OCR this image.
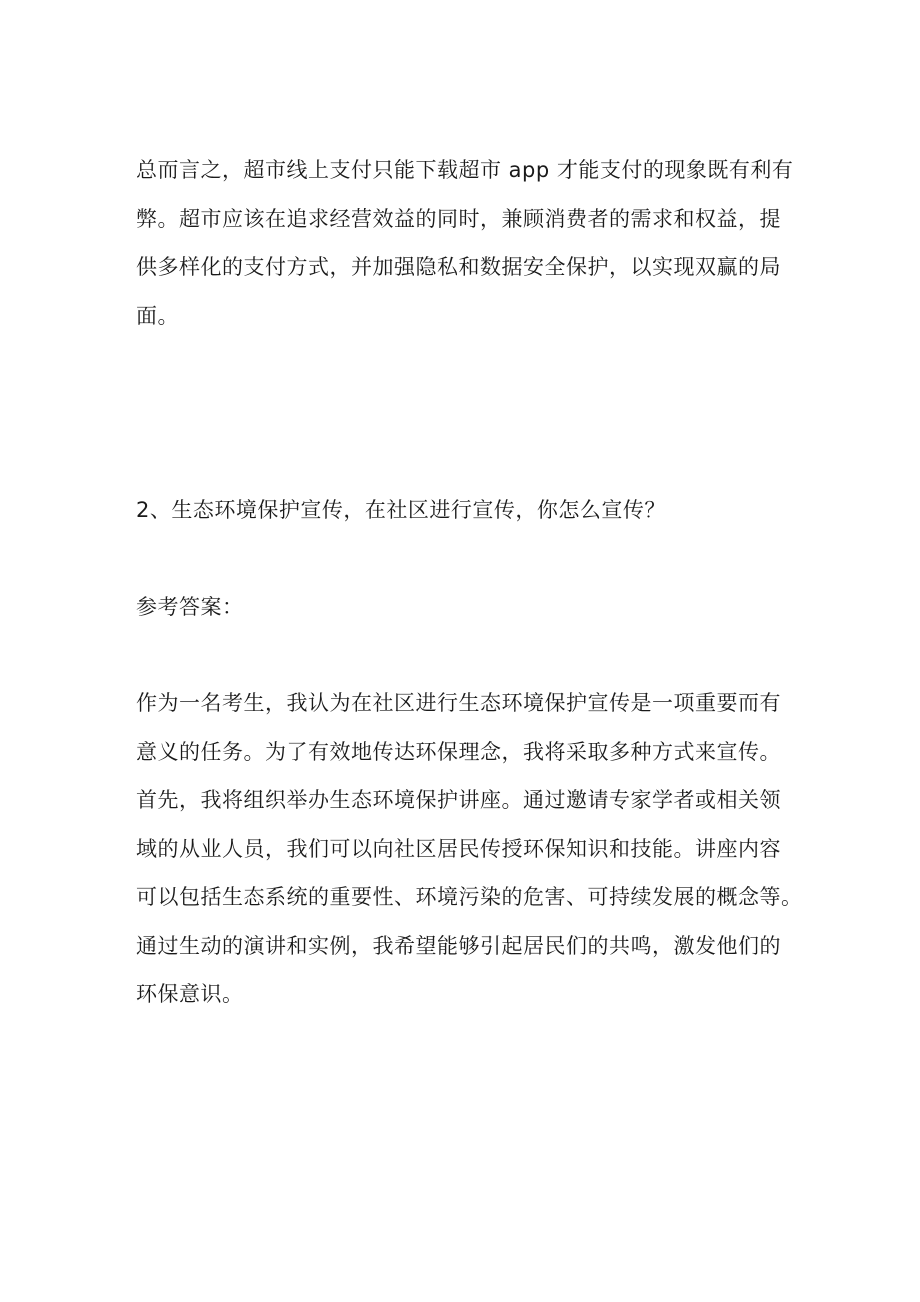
总而言之，超市线上支付只能下载超市 app 才能支付的现象既有利有
弊。超市应该在追求经营效益的同时，兼顾消费者的需求和权益，提
供多样化的支付方式，并加强隐私和数据安全保护，以实现双赢的局
面。

2、生态环境保护宣传，在社区进行宣传，你怎么宣传？

参考答案：

作为一名考生，我认为在社区进行生态环境保护宣传是一项重要而有
意义的任务。为了有效地传达环保理念，我将采取多种方式来宣传。
首先，我将组织举办生态环境保护讲座。通过邀请专家学者或相关领
域的从业人员，我们可以向社区居民传授环保知识和技能。讲座内容
可以包括生态系统的重要性、环境污染的危害、可持续发展的概念等。
通过生动的演讲和实例，我希望能够引起居民们的共鸣，激发他们的
环保意识。
